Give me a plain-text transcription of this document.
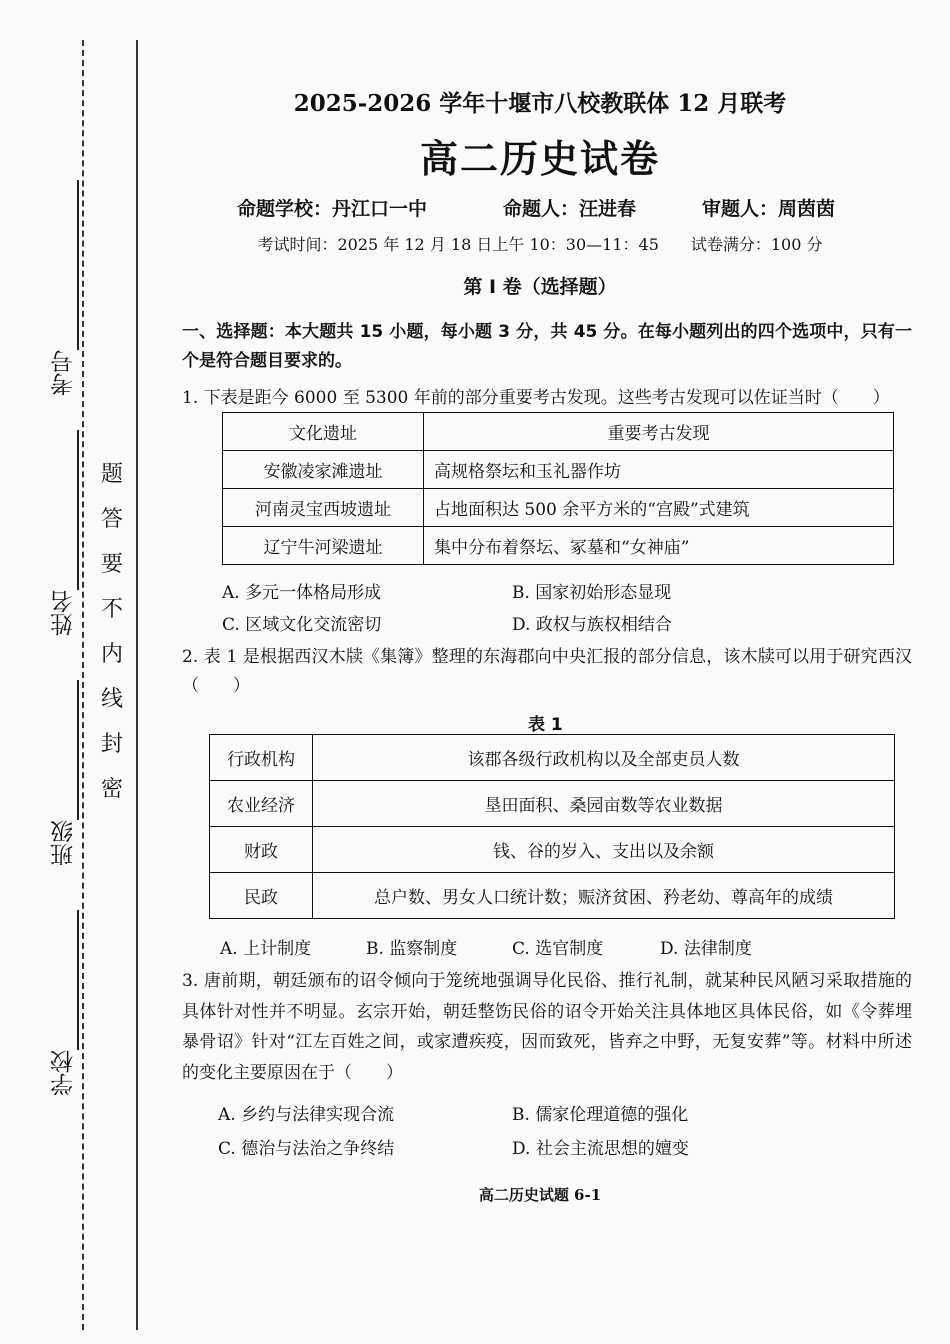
考号
姓名
班级
学校
题
答
要
不
内
线
封
密
2025-2026 学年十堰市八校教联体 12 月联考
高二历史试卷
命题学校：丹江口一中	命题人：汪进春	审题人：周茵茵
考试时间：2025 年 12 月 18 日上午 10：30—11：45　　试卷满分：100 分
第 I 卷（选择题）
一、选择题：本大题共 15 小题，每小题 3 分，共 45 分。在每小题列出的四个选项中，只有一个是符合题目要求的。
1. 下表是距今 6000 至 5300 年前的部分重要考古发现。这些考古发现可以佐证当时（　　）
文化遗址	重要考古发现
安徽凌家滩遗址	高规格祭坛和玉礼器作坊
河南灵宝西坡遗址	占地面积达 500 余平方米的“宫殿”式建筑
辽宁牛河梁遗址	集中分布着祭坛、冢墓和“女神庙”
A. 多元一体格局形成	B. 国家初始形态显现
C. 区域文化交流密切	D. 政权与族权相结合
2. 表 1 是根据西汉木牍《集簿》整理的东海郡向中央汇报的部分信息，该木牍可以用于研究西汉（　　）
表 1
行政机构	该郡各级行政机构以及全部吏员人数
农业经济	垦田面积、桑园亩数等农业数据
财政	钱、谷的岁入、支出以及余额
民政	总户数、男女人口统计数；赈济贫困、矜老幼、尊高年的成绩
A. 上计制度	B. 监察制度	C. 选官制度	D. 法律制度
3. 唐前期，朝廷颁布的诏令倾向于笼统地强调导化民俗、推行礼制，就某种民风陋习采取措施的具体针对性并不明显。玄宗开始，朝廷整饬民俗的诏令开始关注具体地区具体民俗，如《令葬埋暴骨诏》针对“江左百姓之间，或家遭疾疫，因而致死，皆弃之中野，无复安葬”等。材料中所述的变化主要原因在于（　　）
A. 乡约与法律实现合流	B. 儒家伦理道德的强化
C. 德治与法治之争终结	D. 社会主流思想的嬗变
高二历史试题 6-1
